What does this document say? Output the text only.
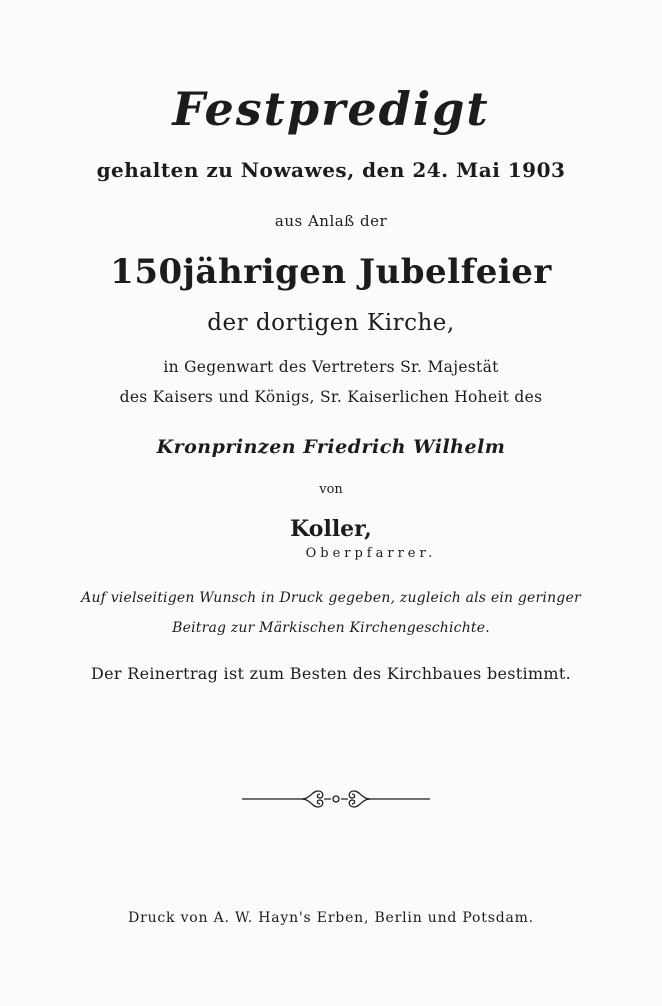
Festpredigt

gehalten zu Nowawes, den 24. Mai 1903

aus Anlaß der

150jährigen Jubelfeier

der dortigen Kirche,

in Gegenwart des Vertreters Sr. Majestät

des Kaisers und Königs, Sr. Kaiserlichen Hoheit des

Kronprinzen Friedrich Wilhelm

von

Koller,

Oberpfarrer.

Auf vielseitigen Wunsch in Druck gegeben, zugleich als ein geringer

Beitrag zur Märkischen Kirchengeschichte.

Der Reinertrag ist zum Besten des Kirchbaues bestimmt.

Druck von A. W. Hayn's Erben, Berlin und Potsdam.
